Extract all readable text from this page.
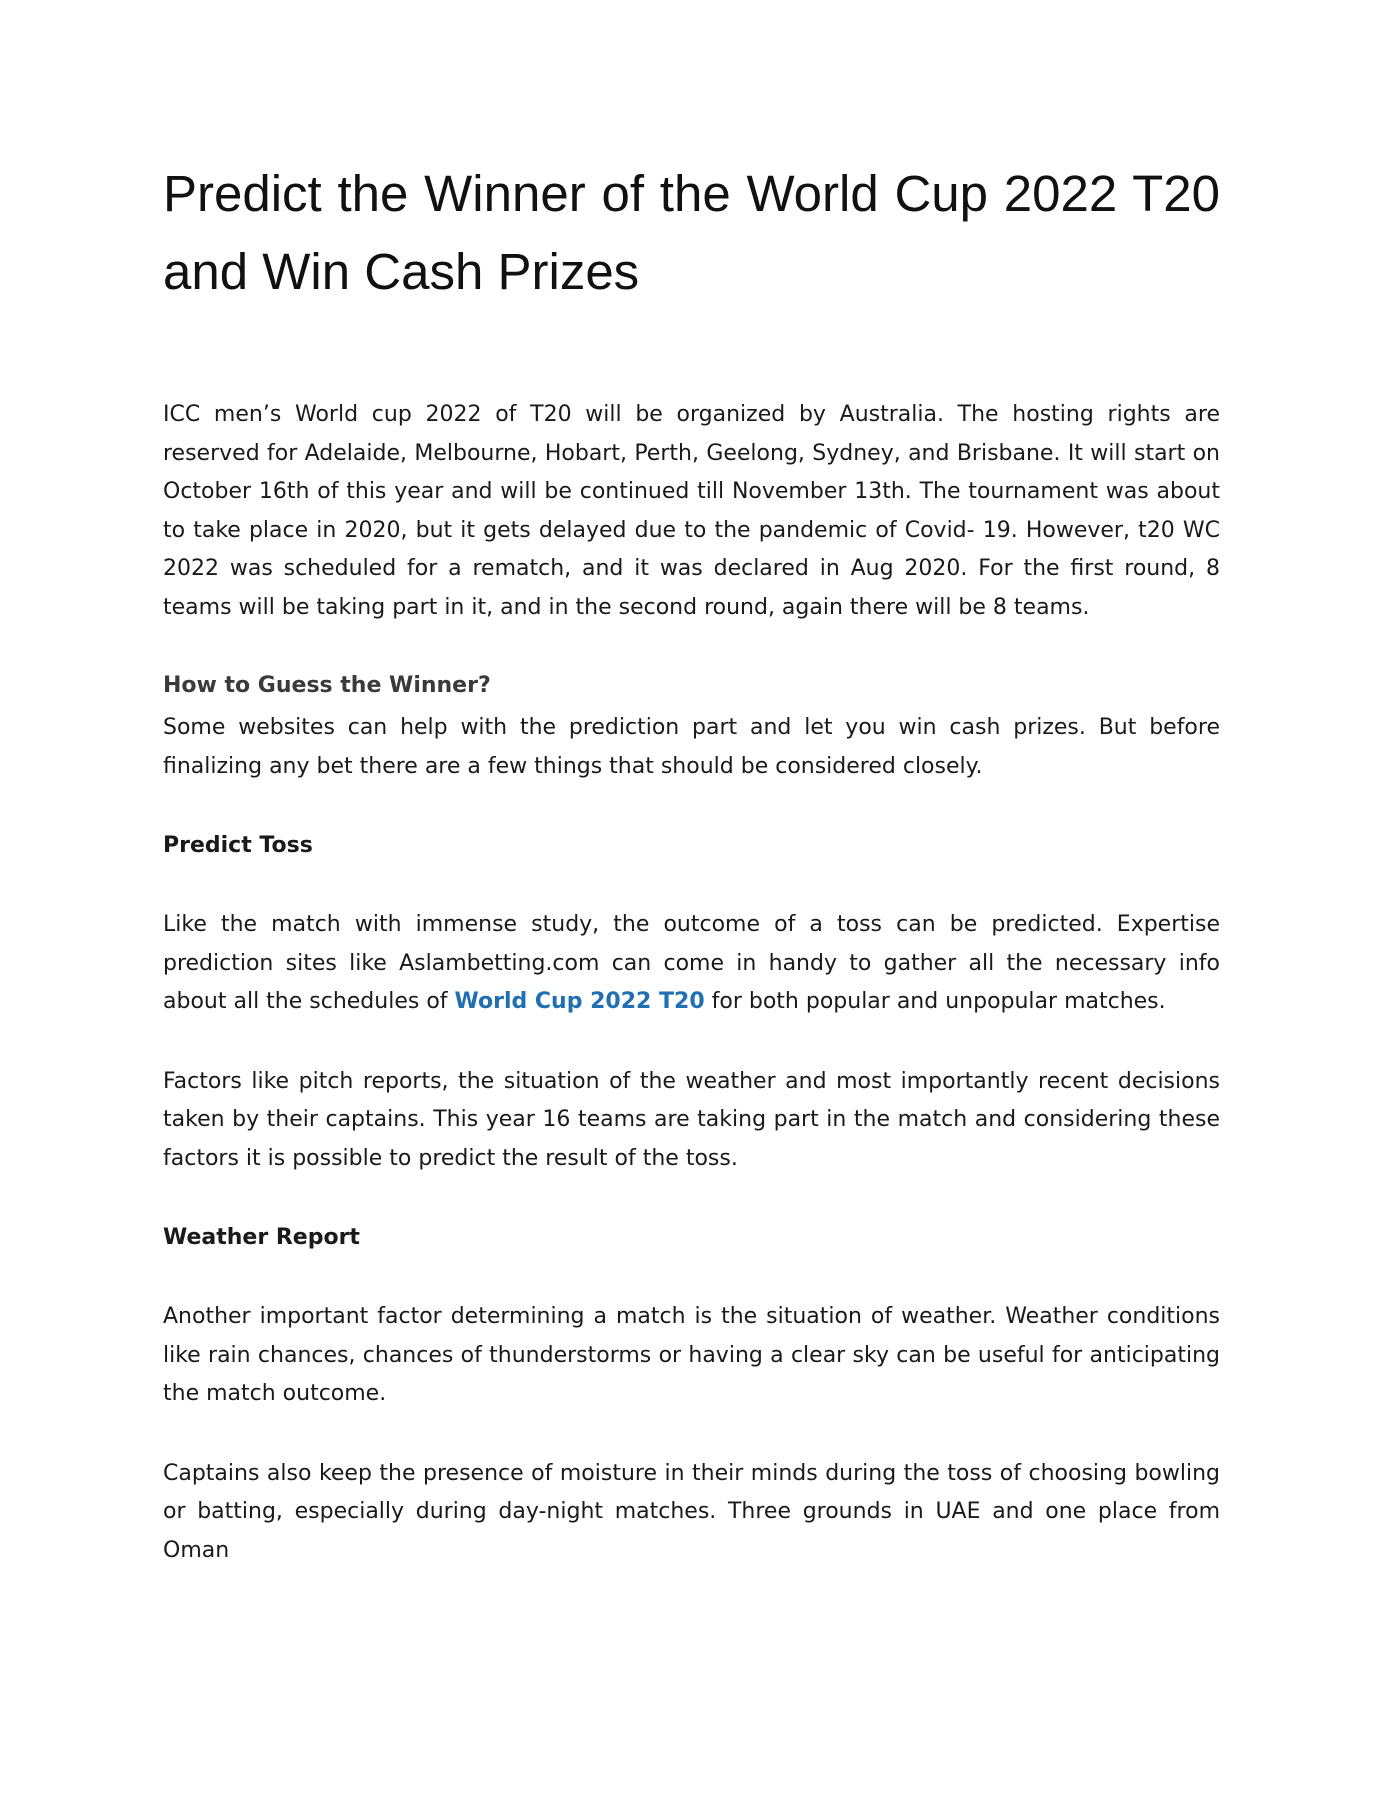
Predict the Winner of the World Cup 2022 T20 and Win Cash Prizes

ICC men’s World cup 2022 of T20 will be organized by Australia. The hosting rights are reserved for Adelaide, Melbourne, Hobart, Perth, Geelong, Sydney, and Brisbane. It will start on October 16th of this year and will be continued till November 13th. The tournament was about to take place in 2020, but it gets delayed due to the pandemic of Covid- 19. However, t20 WC 2022 was scheduled for a rematch, and it was declared in Aug 2020. For the first round, 8 teams will be taking part in it, and in the second round, again there will be 8 teams.

How to Guess the Winner?

Some websites can help with the prediction part and let you win cash prizes. But before finalizing any bet there are a few things that should be considered closely.

Predict Toss

Like the match with immense study, the outcome of a toss can be predicted. Expertise prediction sites like Aslambetting.com can come in handy to gather all the necessary info about all the schedules of World Cup 2022 T20 for both popular and unpopular matches.

Factors like pitch reports, the situation of the weather and most importantly recent decisions taken by their captains. This year 16 teams are taking part in the match and considering these factors it is possible to predict the result of the toss.

Weather Report

Another important factor determining a match is the situation of weather. Weather conditions like rain chances, chances of thunderstorms or having a clear sky can be useful for anticipating the match outcome.

Captains also keep the presence of moisture in their minds during the toss of choosing bowling or batting, especially during day-night matches. Three grounds in UAE and one place from Oman
